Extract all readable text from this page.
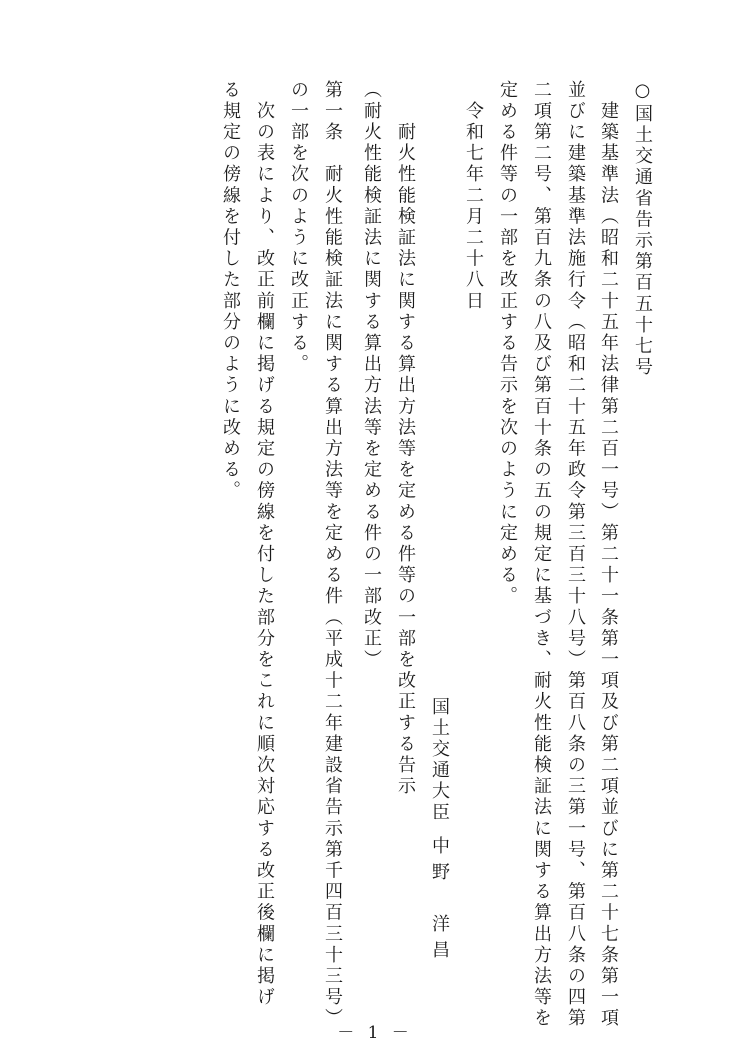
○国土交通省告示第百五十七号
　建築基準法（昭和二十五年法律第二百一号）第二十一条第一項及び第二項並びに第二十七条第一項
並びに建築基準法施行令（昭和二十五年政令第三百三十八号）第百八条の三第一号、第百八条の四第
二項第二号、第百九条の八及び第百十条の五の規定に基づき、耐火性能検証法に関する算出方法等を
定める件等の一部を改正する告示を次のように定める。
　令和七年二月二十八日
国土交通大臣
中野　洋昌
　　耐火性能検証法に関する算出方法等を定める件等の一部を改正する告示
（耐火性能検証法に関する算出方法等を定める件の一部改正）
第一条　耐火性能検証法に関する算出方法等を定める件（平成十二年建設省告示第千四百三十三号）
の一部を次のように改正する。
　次の表により、改正前欄に掲げる規定の傍線を付した部分をこれに順次対応する改正後欄に掲げ
る規定の傍線を付した部分のように改める。
－ 1 －
